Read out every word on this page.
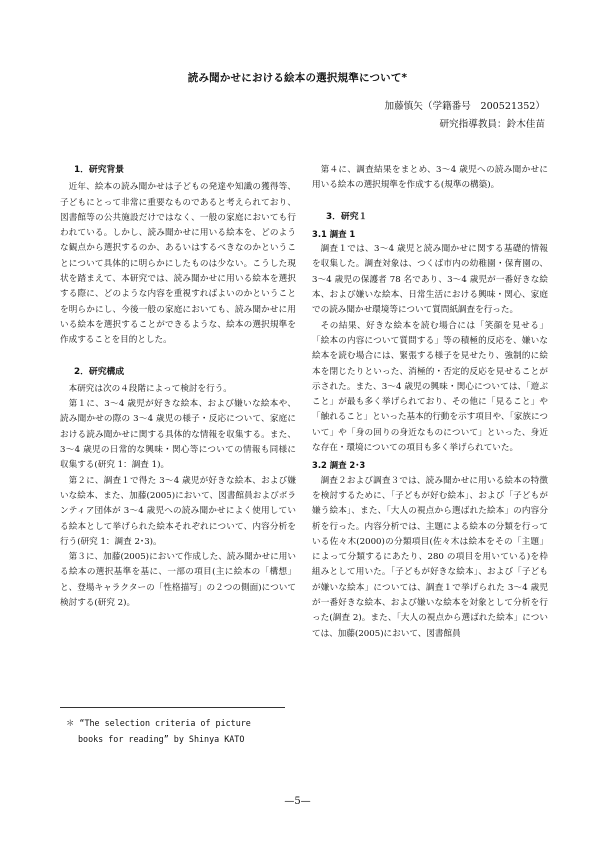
読み聞かせにおける絵本の選択規準について*
加藤慎矢（学籍番号　200521352）
研究指導教員：鈴木佳苗
1．研究背景

近年、絵本の読み聞かせは子どもの発達や知識の獲得等、子どもにとって非常に重要なものであると考えられており、図書館等の公共施設だけではなく、一般の家庭においても行われている。しかし、読み聞かせに用いる絵本を、どのような観点から選択するのか、あるいはするべきなのかということについて具体的に明らかにしたものは少ない。こうした現状を踏まえて、本研究では、読み聞かせに用いる絵本を選択する際に、どのような内容を重視すればよいのかということを明らかにし、今後一般の家庭においても、読み聞かせに用いる絵本を選択することができるような、絵本の選択規準を作成することを目的とした。

2．研究構成

本研究は次の４段階によって検討を行う。

第１に、3～4 歳児が好きな絵本、および嫌いな絵本や、読み聞かせの際の 3～4 歳児の様子・反応について、家庭における読み聞かせに関する具体的な情報を収集する。また、3～4 歳児の日常的な興味・関心等についての情報も同様に収集する(研究 1：調査 1)。

第２に、調査１で得た 3～4 歳児が好きな絵本、および嫌いな絵本、また、加藤(2005)において、図書館員およびボランティア団体が 3～4 歳児への読み聞かせによく使用している絵本として挙げられた絵本それぞれについて、内容分析を行う(研究 1：調査 2･3)。

第３に、加藤(2005)において作成した、読み聞かせに用いる絵本の選択基準を基に、一部の項目(主に絵本の「構想」と、登場キャラクターの「性格描写」の２つの側面)について検討する(研究 2)。

＊ “The selection criteria of picture
books for reading” by Shinya KATO

第４に、調査結果をまとめ、3～4 歳児への読み聞かせに用いる絵本の選択規準を作成する(規準の構築)。

3．研究１
3.1 調査 1

調査１では、3～4 歳児と読み聞かせに関する基礎的情報を収集した。調査対象は、つくば市内の幼稚園・保育園の、3～4 歳児の保護者 78 名であり、3～4 歳児が一番好きな絵本、および嫌いな絵本、日常生活における興味・関心、家庭での読み聞かせ環境等について質問紙調査を行った。

その結果、好きな絵本を読む場合には「笑顔を見せる」「絵本の内容について質問する」等の積極的反応を、嫌いな絵本を読む場合には、緊張する様子を見せたり、強制的に絵本を閉じたりといった、消極的・否定的反応を見せることが示された。また、3～4 歳児の興味・関心については、「遊ぶこと」が最も多く挙げられており、その他に「見ること」や「触れること」といった基本的行動を示す項目や、「家族について」や「身の回りの身近なものについて」といった、身近な存在・環境についての項目も多く挙げられていた。

3.2 調査 2･3

調査２および調査３では、読み聞かせに用いる絵本の特徴を検討するために、「子どもが好む絵本」、および「子どもが嫌う絵本」、また、「大人の視点から選ばれた絵本」の内容分析を行った。内容分析では、主題による絵本の分類を行っている佐々木(2000)の分類項目(佐々木は絵本をその「主題」によって分類するにあたり、280 の項目を用いている)を枠組みとして用いた。「子どもが好きな絵本」、および「子どもが嫌いな絵本」については、調査１で挙げられた 3～4 歳児が一番好きな絵本、および嫌いな絵本を対象として分析を行った(調査 2)。また、「大人の視点から選ばれた絵本」については、加藤(2005)において、図書館員

—5—
